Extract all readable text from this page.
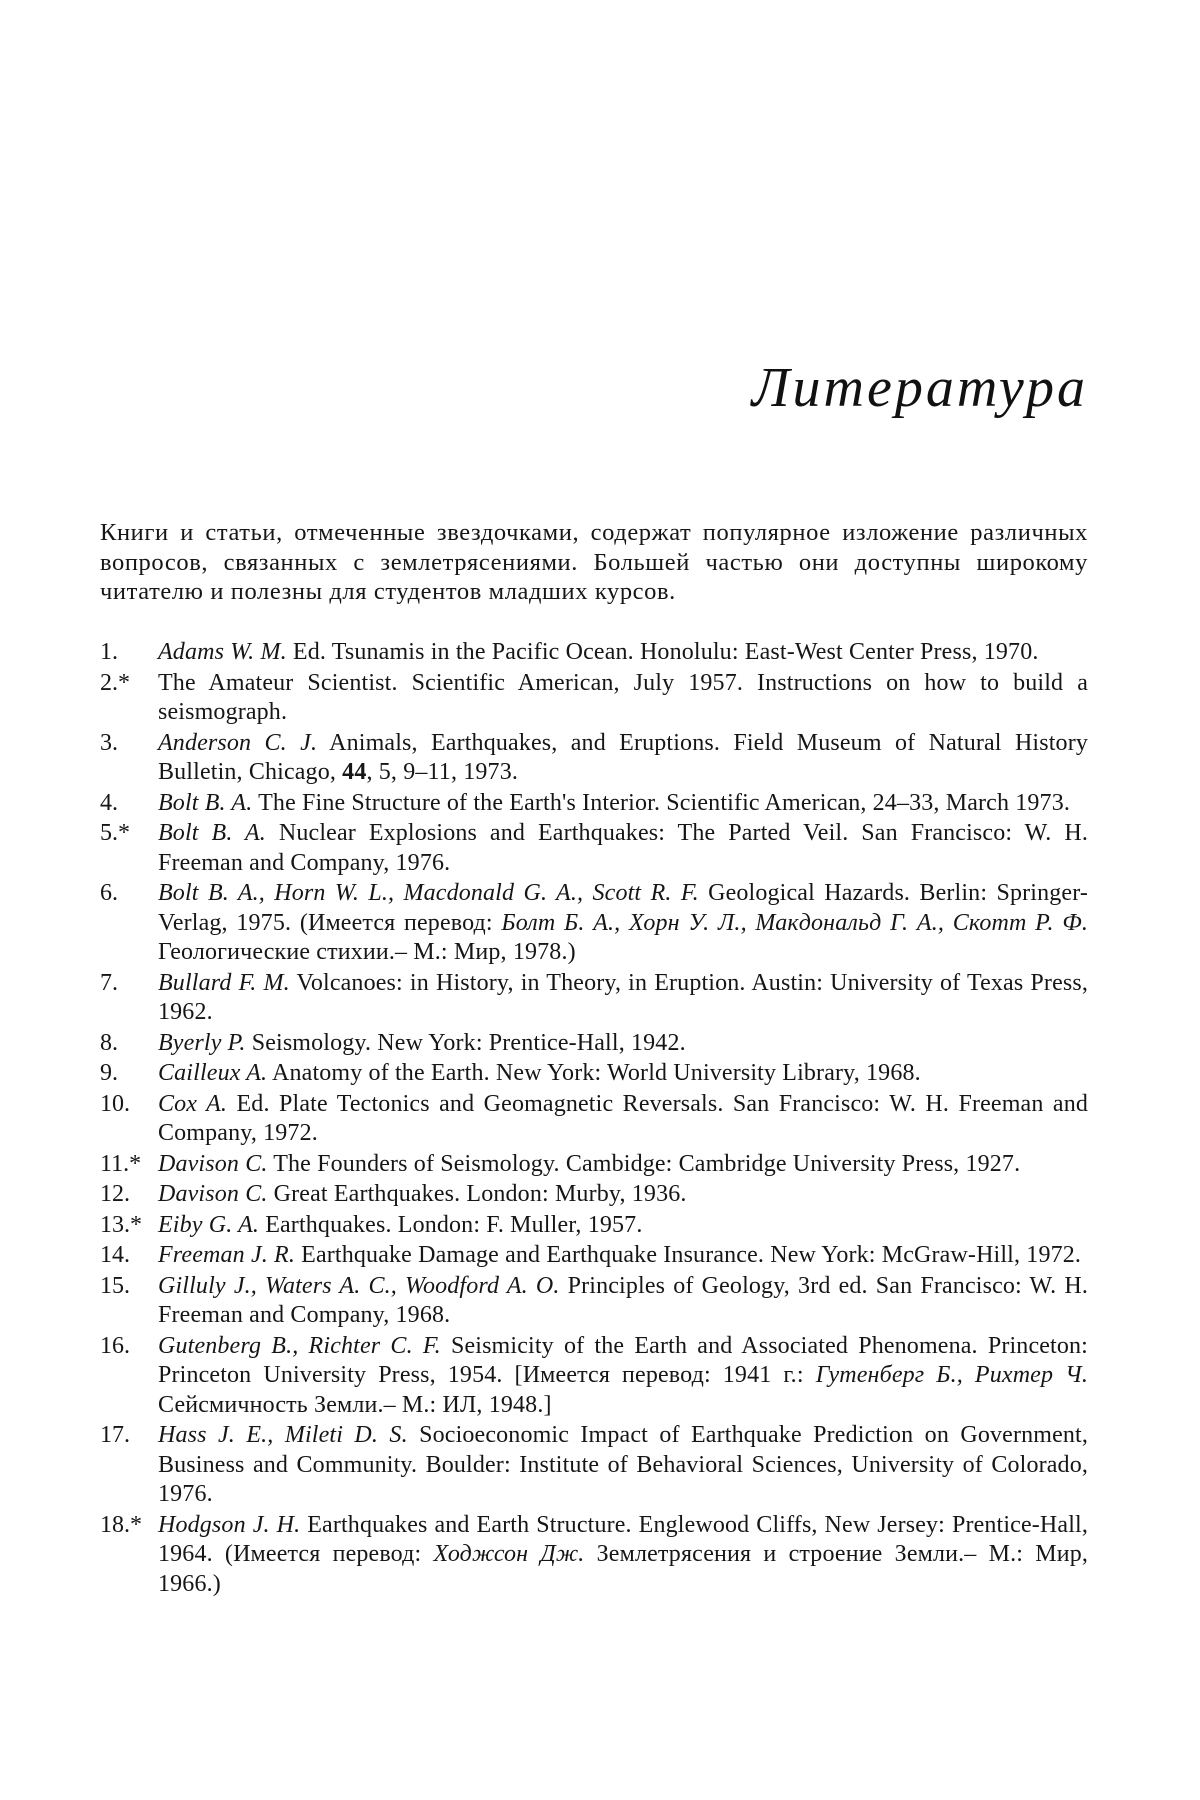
Литература

Книги и статьи, отмеченные звездочками, содержат популярное изложение различных вопросов, связанных с землетрясениями. Большей частью они доступны широкому читателю и полезны для студентов младших курсов.

1.	Adams W. M. Ed. Tsunamis in the Pacific Ocean. Honolulu: East-West Center Press, 1970.
2.*	The Amateur Scientist. Scientific American, July 1957. Instructions on how to build a seismograph.
3.	Anderson C. J. Animals, Earthquakes, and Eruptions. Field Museum of Natural History Bulletin, Chicago, 44, 5, 9–11, 1973.
4.	Bolt B. A. The Fine Structure of the Earth's Interior. Scientific American, 24–33, March 1973.
5.*	Bolt B. A. Nuclear Explosions and Earthquakes: The Parted Veil. San Francisco: W. H. Freeman and Company, 1976.
6.	Bolt B. A., Horn W. L., Macdonald G. A., Scott R. F. Geological Hazards. Berlin: Springer-Verlag, 1975. (Имеется перевод: Болт Б. А., Хорн У. Л., Макдональд Г. А., Скотт Р. Ф. Геологические стихии.– М.: Мир, 1978.)
7.	Bullard F. M. Volcanoes: in History, in Theory, in Eruption. Austin: University of Texas Press, 1962.
8.	Byerly P. Seismology. New York: Prentice-Hall, 1942.
9.	Cailleux A. Anatomy of the Earth. New York: World University Library, 1968.
10.	Cox A. Ed. Plate Tectonics and Geomagnetic Reversals. San Francisco: W. H. Freeman and Company, 1972.
11.* Davison C. The Founders of Seismology. Cambidge: Cambridge University Press, 1927.
12.	Davison C. Great Earthquakes. London: Murby, 1936.
13.* Eiby G. A. Earthquakes. London: F. Muller, 1957.
14.	Freeman J. R. Earthquake Damage and Earthquake Insurance. New York: McGraw-Hill, 1972.
15.	Gilluly J., Waters A. C., Woodford A. O. Principles of Geology, 3rd ed. San Francisco: W. H. Freeman and Company, 1968.
16.	Gutenberg B., Richter C. F. Seismicity of the Earth and Associated Phenomena. Princeton: Princeton University Press, 1954. [Имеется перевод: 1941 г.: Гутенберг Б., Рихтер Ч. Сейсмичность Земли.– М.: ИЛ, 1948.]
17.	Hass J. E., Mileti D. S. Socioeconomic Impact of Earthquake Prediction on Government, Business and Community. Boulder: Institute of Behavioral Sciences, University of Colorado, 1976.
18.* Hodgson J. H. Earthquakes and Earth Structure. Englewood Cliffs, New Jersey: Prentice-Hall, 1964. (Имеется перевод: Ходжсон Дж. Землетрясения и строение Земли.– М.: Мир, 1966.)
